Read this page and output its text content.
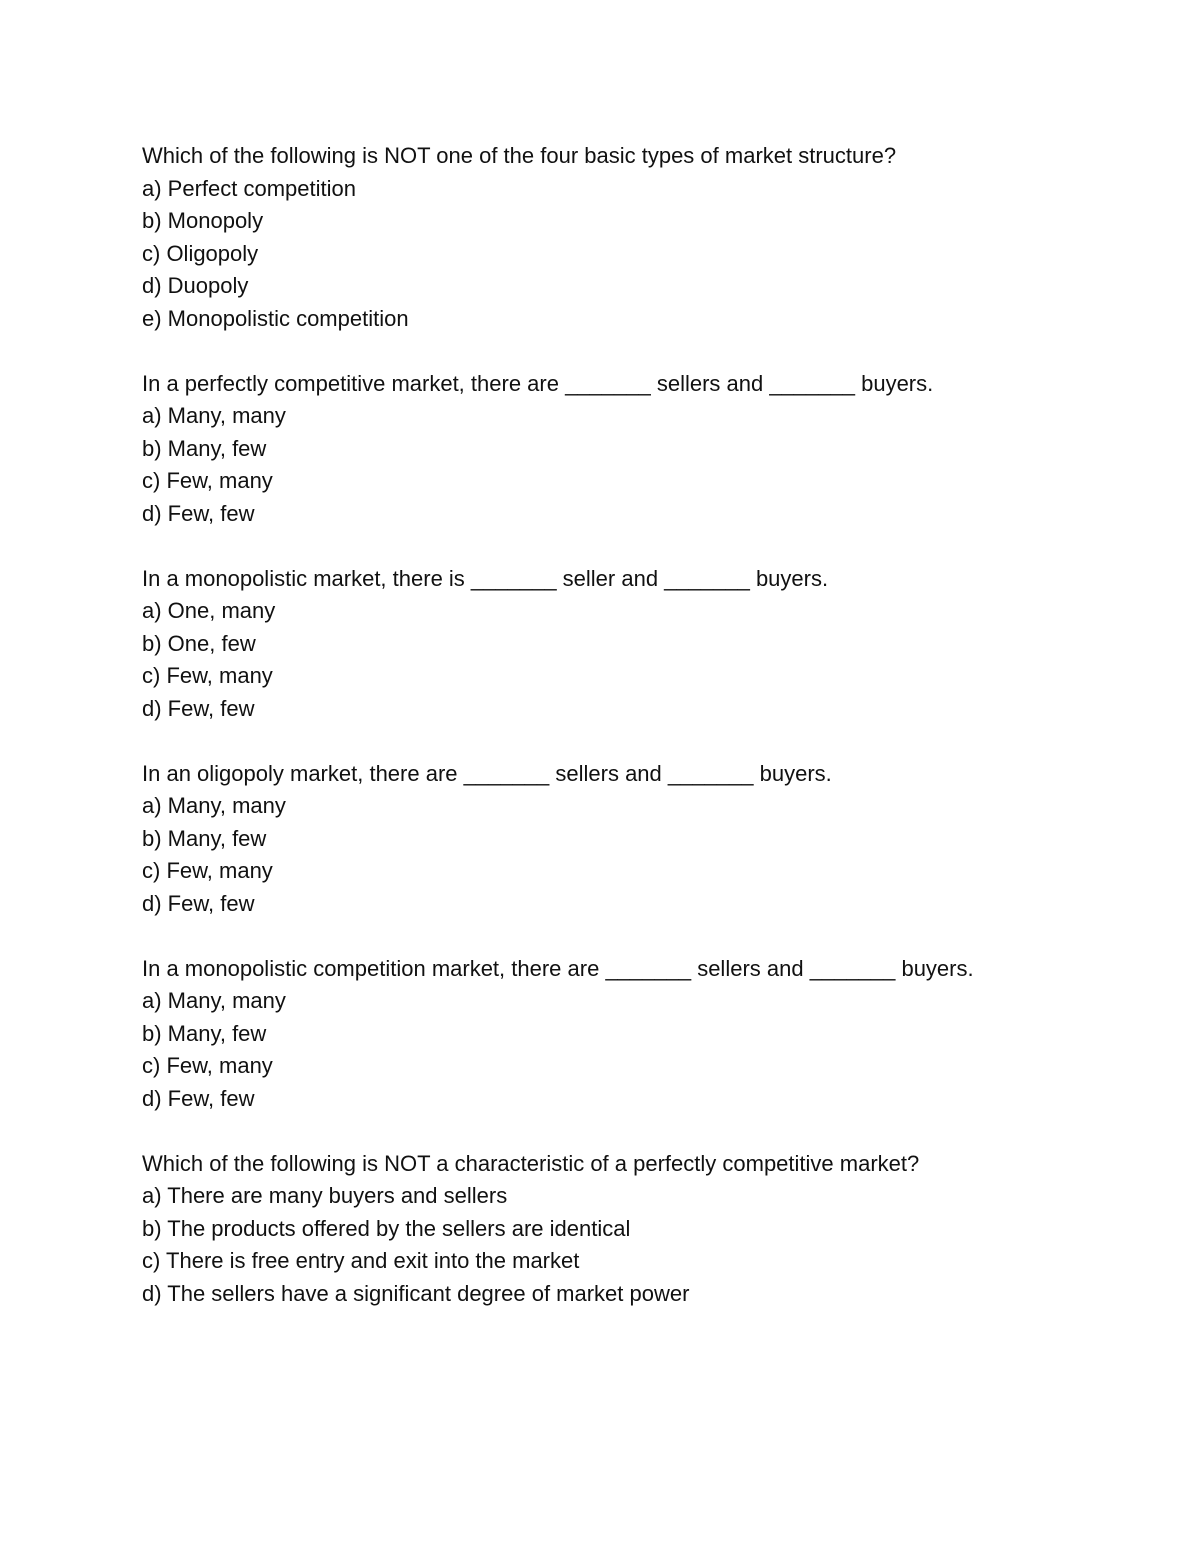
Which of the following is NOT one of the four basic types of market structure?
a) Perfect competition
b) Monopoly
c) Oligopoly
d) Duopoly
e) Monopolistic competition
In a perfectly competitive market, there are _______ sellers and _______ buyers.
a) Many, many
b) Many, few
c) Few, many
d) Few, few
In a monopolistic market, there is _______ seller and _______ buyers.
a) One, many
b) One, few
c) Few, many
d) Few, few
In an oligopoly market, there are _______ sellers and _______ buyers.
a) Many, many
b) Many, few
c) Few, many
d) Few, few
In a monopolistic competition market, there are _______ sellers and _______ buyers.
a) Many, many
b) Many, few
c) Few, many
d) Few, few
Which of the following is NOT a characteristic of a perfectly competitive market?
a) There are many buyers and sellers
b) The products offered by the sellers are identical
c) There is free entry and exit into the market
d) The sellers have a significant degree of market power
